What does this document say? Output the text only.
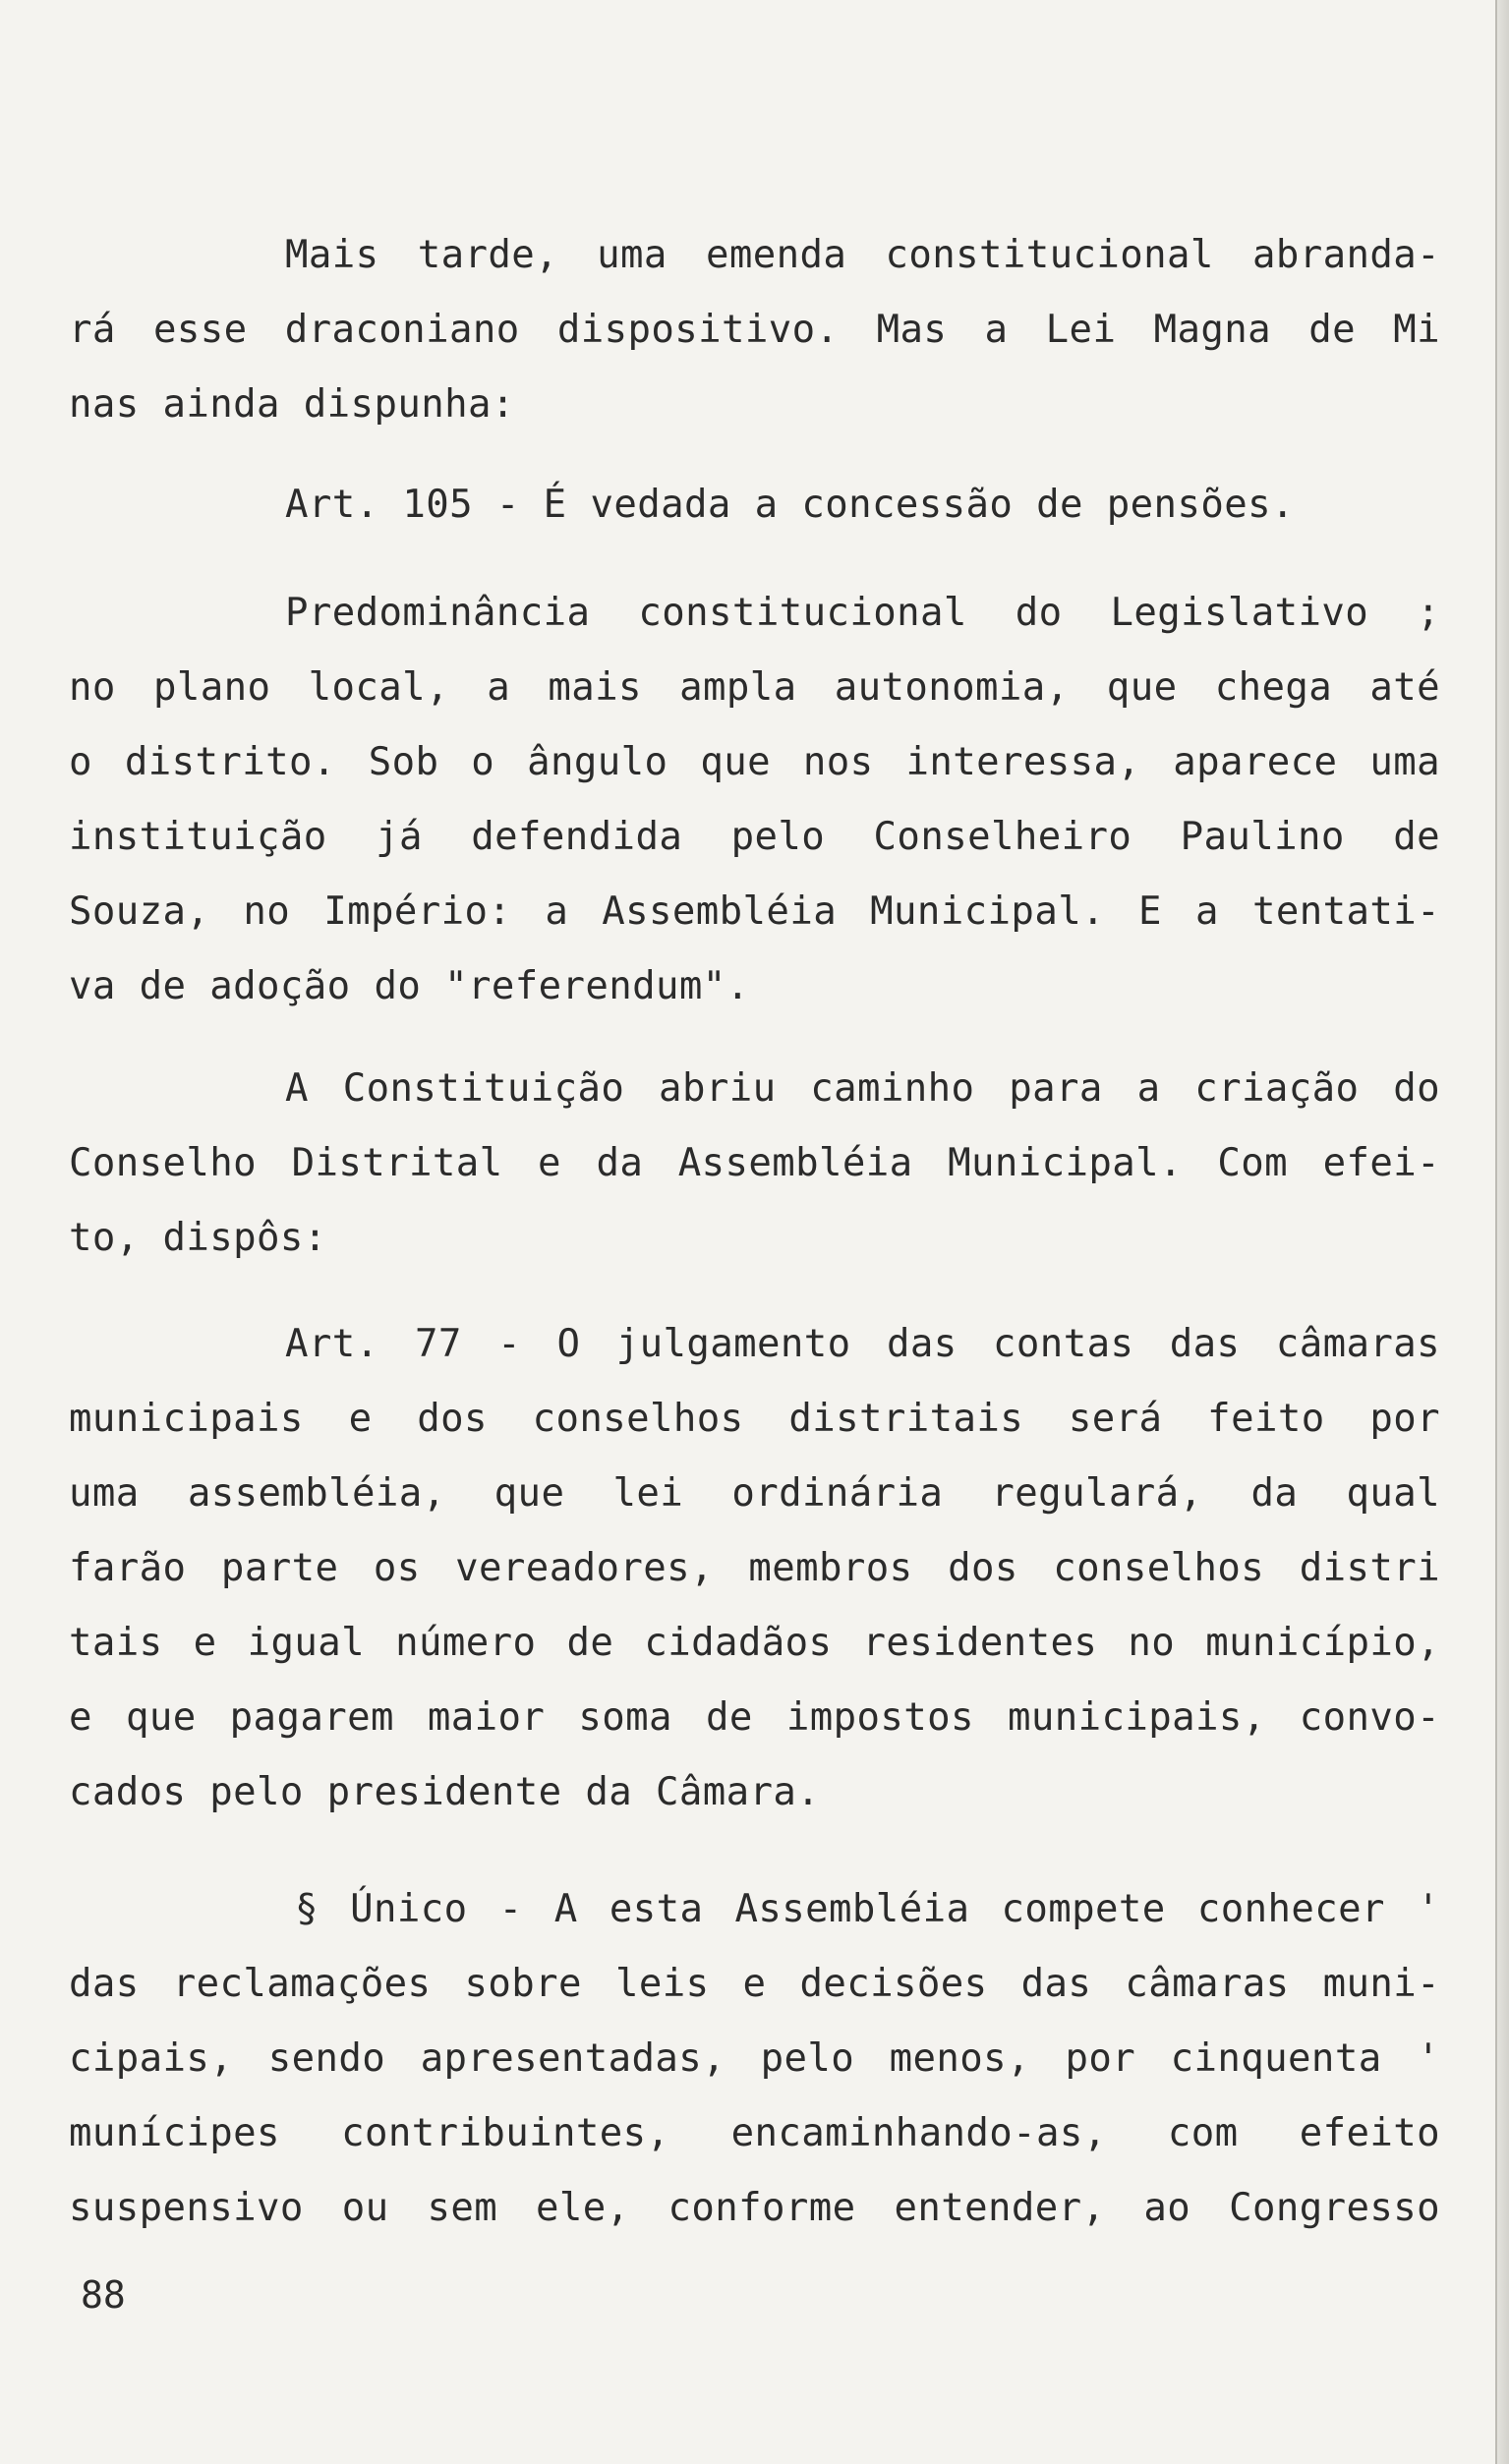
Mais tarde, uma emenda constitucional abranda-
rá esse draconiano dispositivo. Mas a Lei Magna de Mi
nas ainda dispunha:
Art. 105 - É vedada a concessão de pensões.
Predominância constitucional do Legislativo ;
no plano local, a mais ampla autonomia, que chega até
o distrito. Sob o ângulo que nos interessa, aparece uma
instituição já defendida pelo Conselheiro Paulino de
Souza, no Império: a Assembléia Municipal. E a tentati-
va de adoção do "referendum".
A Constituição abriu caminho para a criação do
Conselho Distrital e da Assembléia Municipal. Com efei-
to, dispôs:
Art. 77 - O julgamento das contas das câmaras
municipais e dos conselhos distritais será feito por
uma assembléia, que lei ordinária regulará, da qual
farão parte os vereadores, membros dos conselhos distri
tais e igual número de cidadãos residentes no município,
e que pagarem maior soma de impostos municipais, convo-
cados pelo presidente da Câmara.
§ Único - A esta Assembléia compete conhecer '
das reclamações sobre leis e decisões das câmaras muni-
cipais, sendo apresentadas, pelo menos, por cinquenta '
munícipes contribuintes, encaminhando-as, com efeito
suspensivo ou sem ele, conforme entender, ao Congresso

88
